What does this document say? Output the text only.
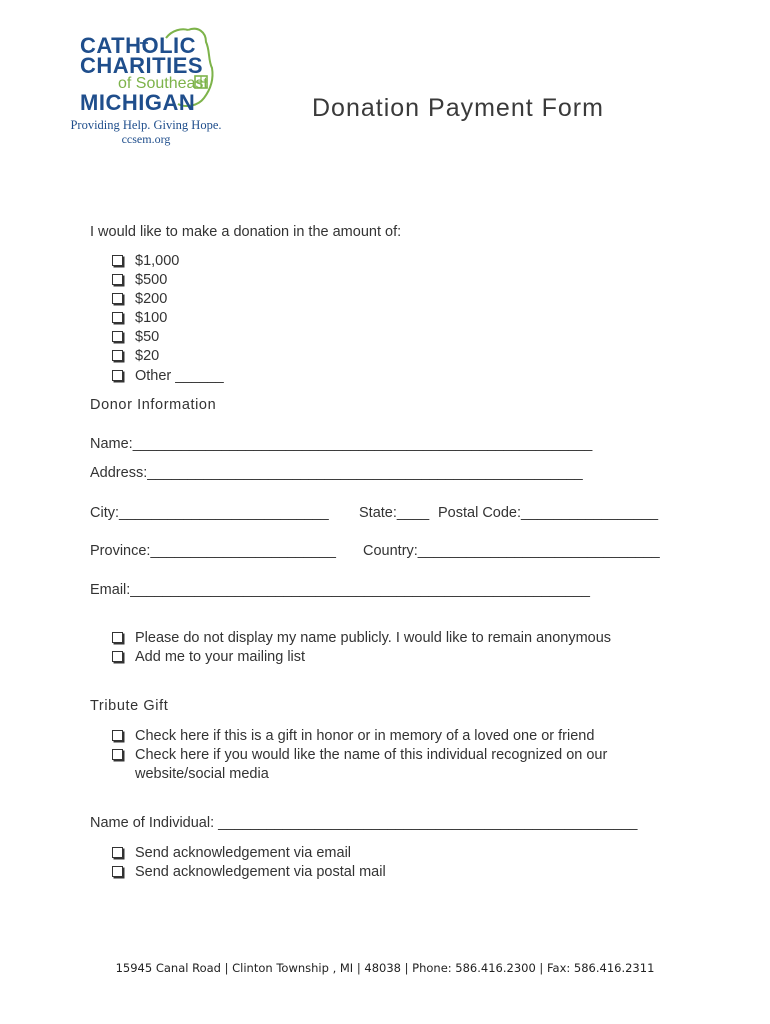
CATHOLIC
CHARITIES
of Southeast
MICHIGAN
Providing Help. Giving Hope.
ccsem.org
Donation Payment Form
I would like to make a donation in the amount of:
$1,000
$500
$200
$100
$50
$20
Other ______
Donor Information
Name:_________________________________________________________
Address:______________________________________________________
City:__________________________ State:____ Postal Code:_________________
Province:_______________________ Country:______________________________
Email:_________________________________________________________
Please do not display my name publicly. I would like to remain anonymous
Add me to your mailing list
Tribute Gift
Check here if this is a gift in honor or in memory of a loved one or friend
Check here if you would like the name of this individual recognized on our website/social media
Name of Individual: ____________________________________________________
Send acknowledgement via email
Send acknowledgement via postal mail
15945 Canal Road | Clinton Township , MI | 48038 | Phone: 586.416.2300 | Fax: 586.416.2311
